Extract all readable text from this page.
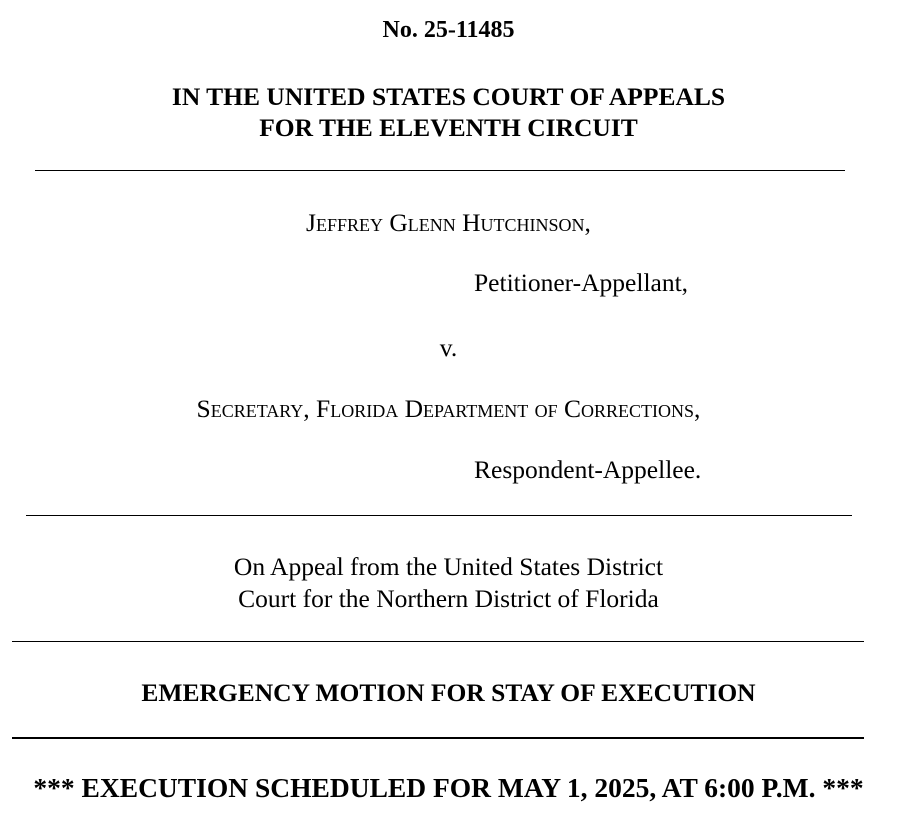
No. 25-11485
IN THE UNITED STATES COURT OF APPEALS
FOR THE ELEVENTH CIRCUIT
Jeffrey Glenn Hutchinson,
Petitioner-Appellant,
v.
Secretary, Florida Department of Corrections,
Respondent-Appellee.
On Appeal from the United States District
Court for the Northern District of Florida
EMERGENCY MOTION FOR STAY OF EXECUTION
*** EXECUTION SCHEDULED FOR MAY 1, 2025, AT 6:00 P.M. ***
